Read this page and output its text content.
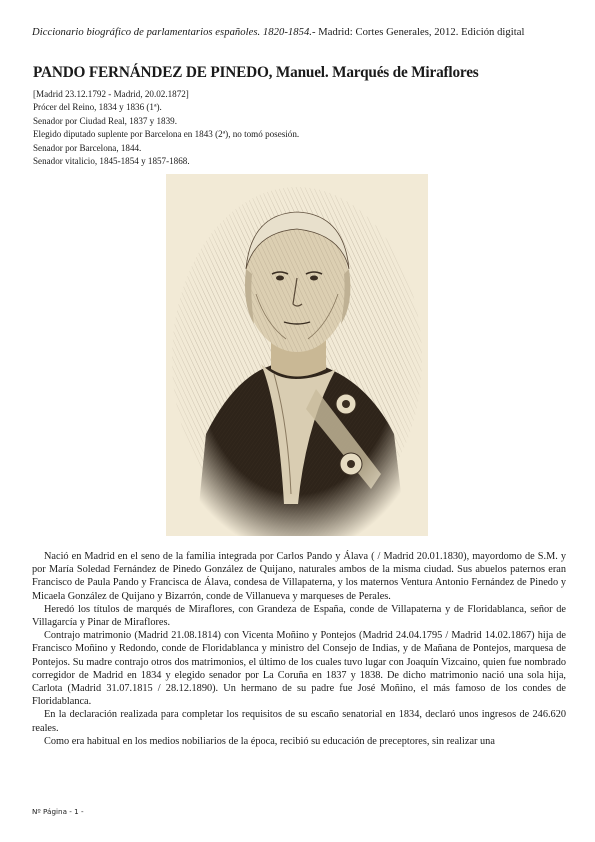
Diccionario biográfico de parlamentarios españoles. 1820-1854.- Madrid: Cortes Generales, 2012. Edición digital
PANDO FERNÁNDEZ DE PINEDO, Manuel. Marqués de Miraflores
[Madrid 23.12.1792 - Madrid, 20.02.1872]
Prócer del Reino, 1834 y 1836 (1ª).
Senador por Ciudad Real, 1837 y 1839.
Elegido diputado suplente por Barcelona en 1843 (2ª), no tomó posesión.
Senador por Barcelona, 1844.
Senador vitalicio, 1845-1854 y 1857-1868.

Nació en Madrid en el seno de la familia integrada por Carlos Pando y Álava ( / Madrid 20.01.1830), mayordomo de S.M. y por María Soledad Fernández de Pinedo González de Quijano, naturales ambos de la misma ciudad. Sus abuelos paternos eran Francisco de Paula Pando y Francisca de Álava, condesa de Villapaterna, y los maternos Ventura Antonio Fernández de Pinedo y Micaela González de Quijano y Bizarrón, conde de Villanueva y marqueses de Perales.

Heredó los títulos de marqués de Miraflores, con Grandeza de España, conde de Villapaterna y de Floridablanca, señor de Villagarcía y Pinar de Miraflores.

Contrajo matrimonio (Madrid 21.08.1814) con Vicenta Moñino y Pontejos (Madrid 24.04.1795 / Madrid 14.02.1867) hija de Francisco Moñino y Redondo, conde de Floridablanca y ministro del Consejo de Indias, y de Mañana de Pontejos, marquesa de Pontejos. Su madre contrajo otros dos matrimonios, el último de los cuales tuvo lugar con Joaquín Vizcaino, quien fue nombrado corregidor de Madrid en 1834 y elegido senador por La Coruña en 1837 y 1838. De dicho matrimonio nació una sola hija, Carlota (Madrid 31.07.1815 / 28.12.1890). Un hermano de su padre fue José Moñino, el más famoso de los condes de Floridablanca.

En la declaración realizada para completar los requisitos de su escaño senatorial en 1834, declaró unos ingresos de 246.620 reales.

Como era habitual en los medios nobiliarios de la época, recibió su educación de preceptores, sin realizar una

Nº Página - 1 -
